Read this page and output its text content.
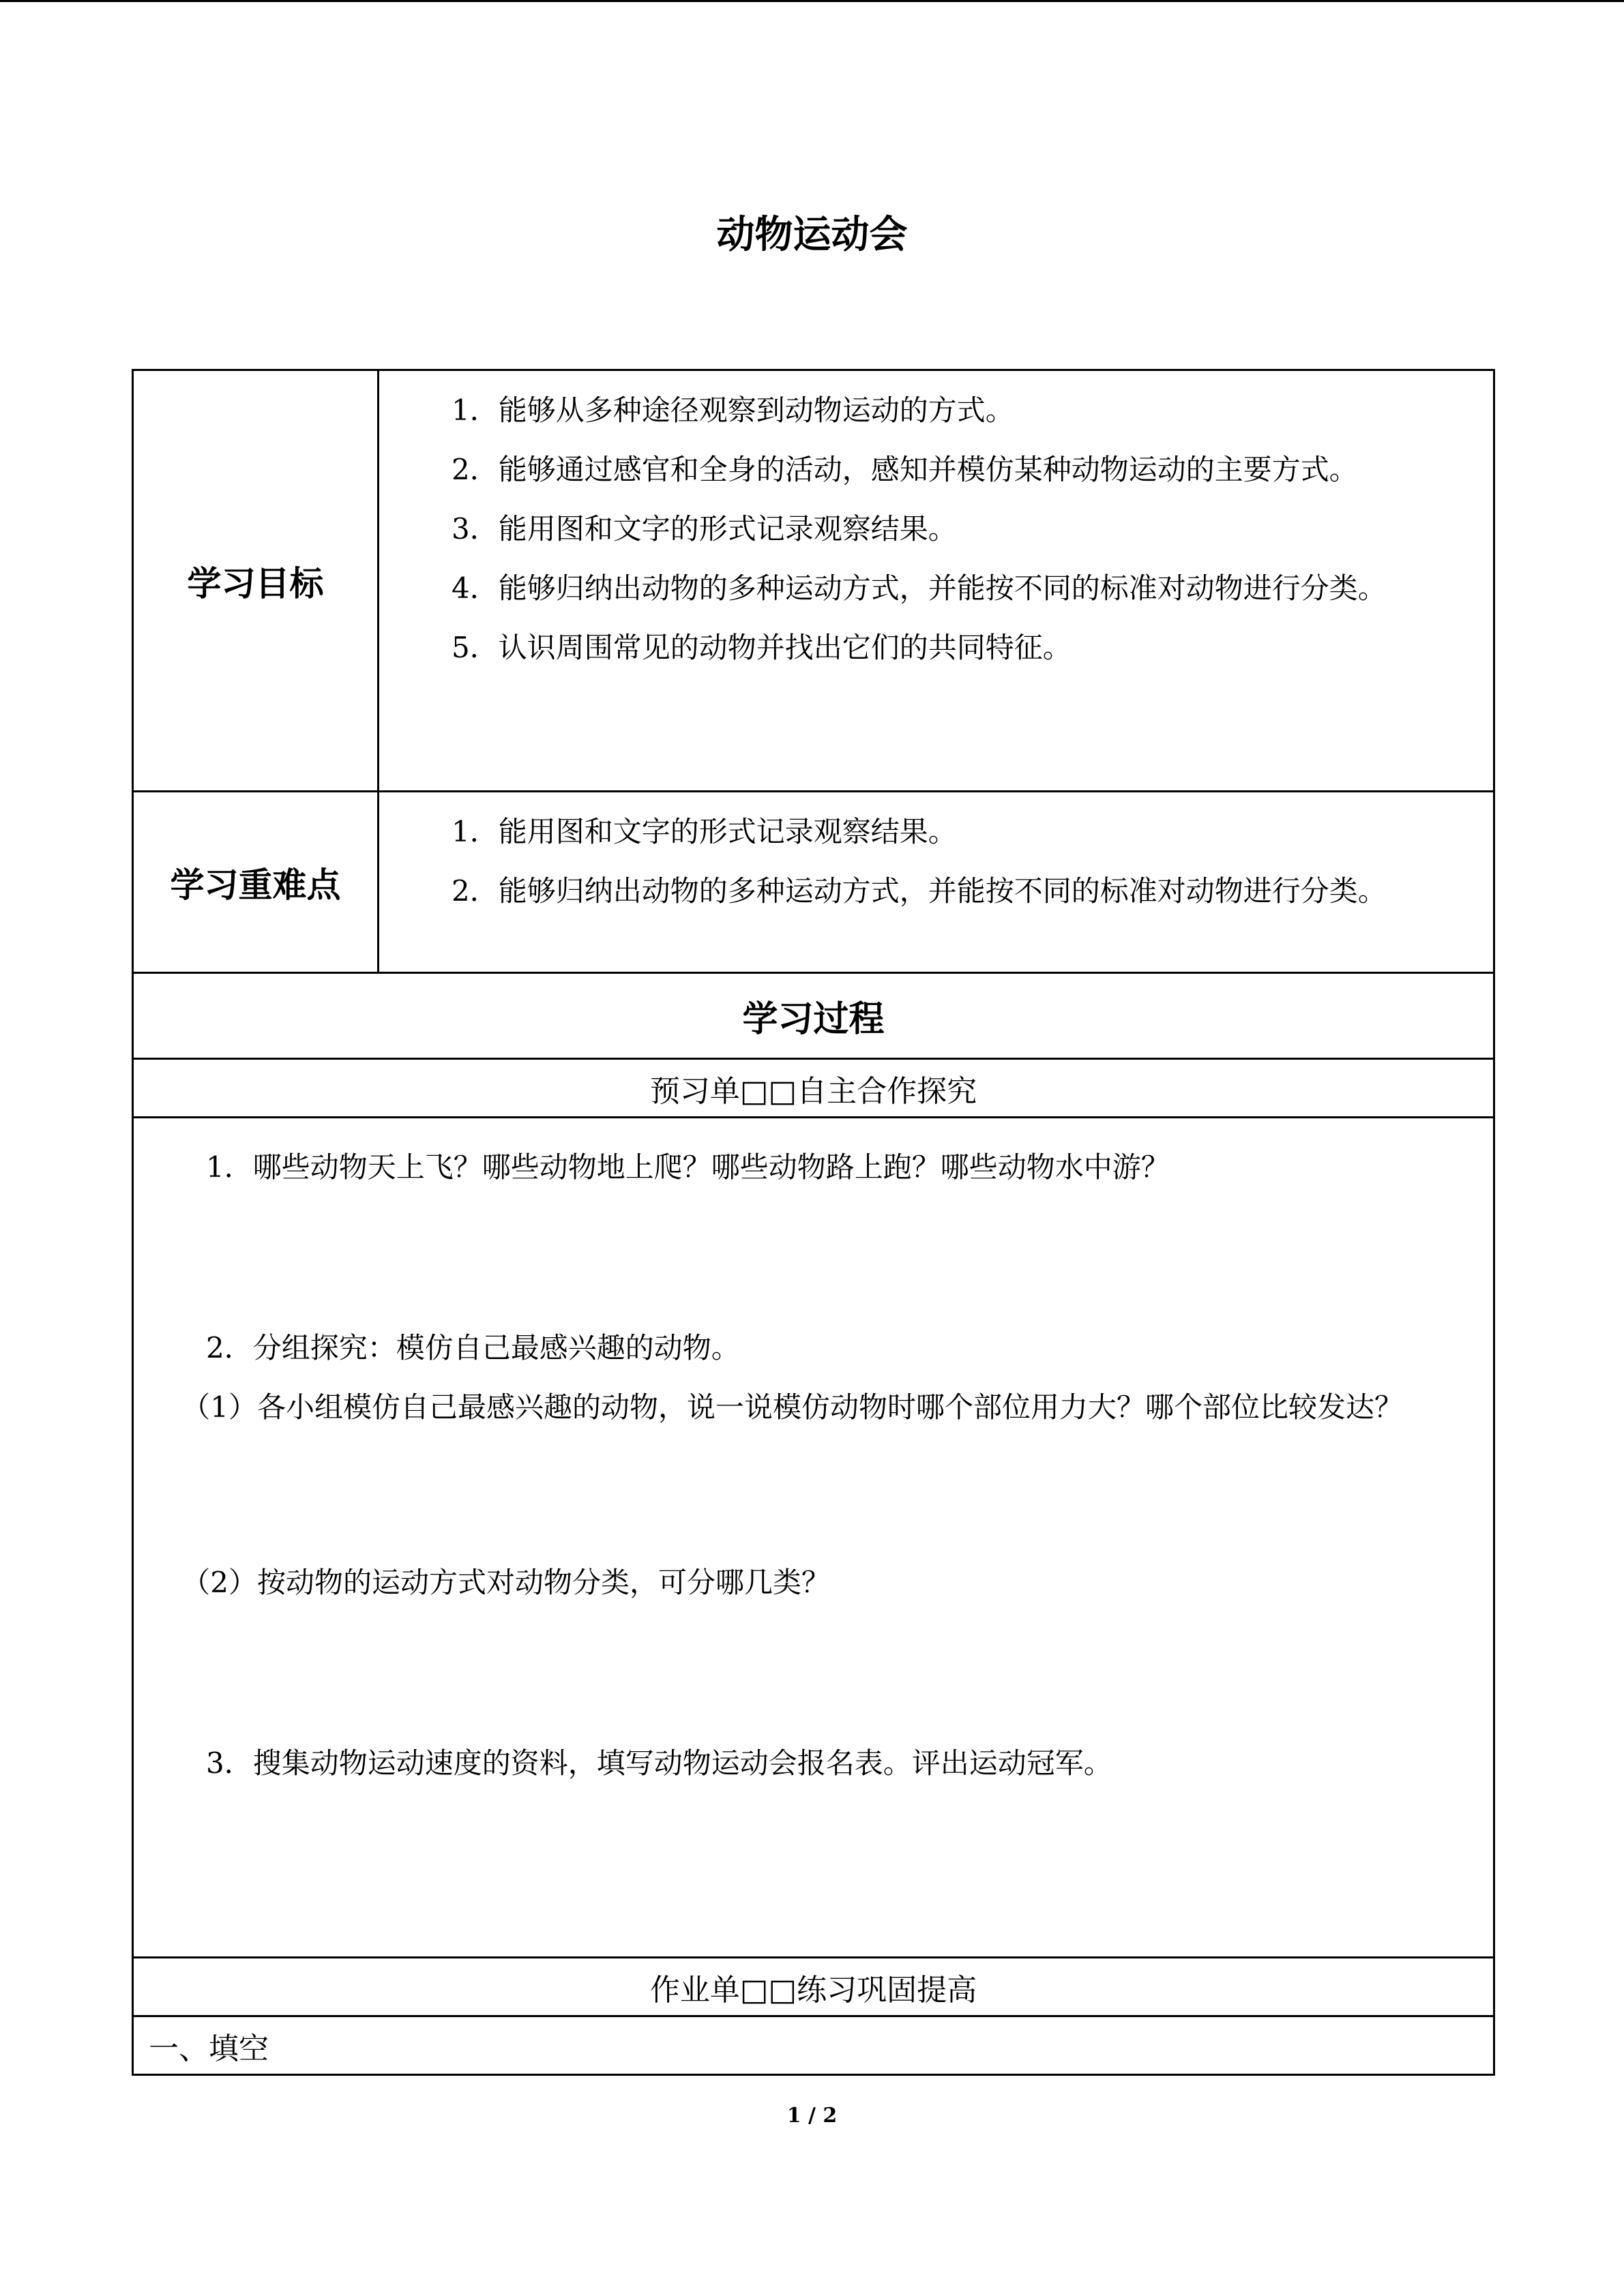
动物运动会
学习目标	1．能够从多种途径观察到动物运动的方式。

2．能够通过感官和全身的活动，感知并模仿某种动物运动的主要方式。

3．能用图和文字的形式记录观察结果。

4．能够归纳出动物的多种运动方式，并能按不同的标准对动物进行分类。

5．认识周围常见的动物并找出它们的共同特征。

学习重难点	1．能用图和文字的形式记录观察结果。

2．能够归纳出动物的多种运动方式，并能按不同的标准对动物进行分类。

学习过程	
预习单□□自主合作探究	

1．哪些动物天上飞？哪些动物地上爬？哪些动物路上跑？哪些动物水中游？

2．分组探究：模仿自己最感兴趣的动物。

（1）各小组模仿自己最感兴趣的动物，说一说模仿动物时哪个部位用力大？哪个部位比较发达？

（2）按动物的运动方式对动物分类，可分哪几类？

3．搜集动物运动速度的资料，填写动物运动会报名表。评出运动冠军。	

作业单□□练习巩固提高	
一、填空	
1 / 2
